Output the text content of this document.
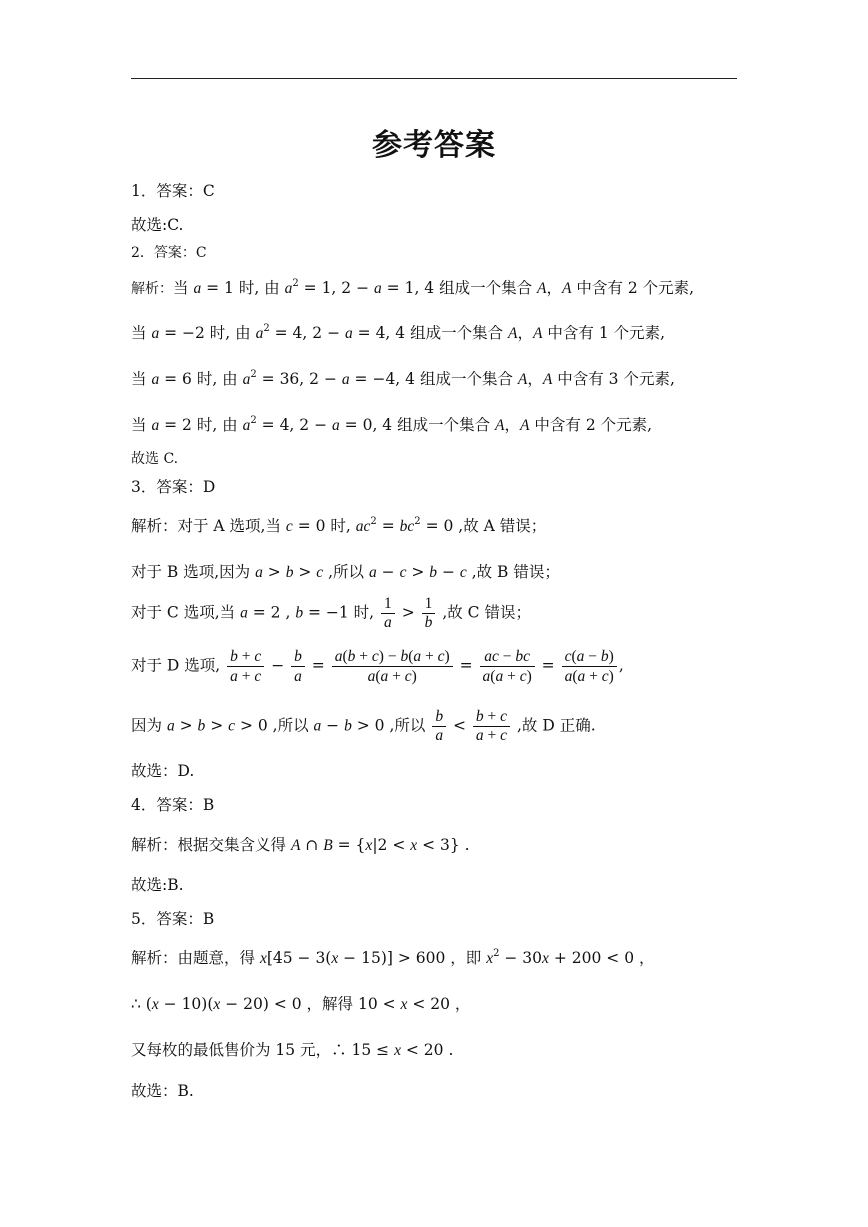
参考答案
1．答案：C
故选:C.
2．答案：C
解析：当 a = 1 时, 由 $a^2 = 1$, 2 − a = 1, 4 组成一个集合 A，A 中含有 2 个元素,
当 a = −2 时, 由 $a^2 = 4$, 2 − a = 4, 4 组成一个集合 A，A 中含有 1 个元素,
当 a = 6 时, 由 $a^2 = 36$, 2 − a = −4, 4 组成一个集合 A，A 中含有 3 个元素,
当 a = 2 时, 由 $a^2 = 4$, 2 − a = 0, 4 组成一个集合 A，A 中含有 2 个元素,
故选 C.
3．答案：D
解析：对于 A 选项,当 c = 0 时, $ac^2 = bc^2 = 0$ ,故 A 错误；
对于 B 选项,因为 a > b > c ,所以 a − c > b − c ,故 B 错误；
对于 C 选项,当 a = 2 , b = −1 时, $\frac{1}{a} > \frac{1}{b}$ ,故 C 错误；
对于 D 选项, $\frac{b + c}{a + c} - \frac{b}{a} = \frac{a(b + c) - b(a + c)}{a(a + c)} = \frac{ac - bc}{a(a + c)} = \frac{c(a - b)}{a(a + c)}$ ,
因为 a > b > c > 0 ,所以 a − b > 0 ,所以 $\frac{b}{a} < \frac{b + c}{a + c}$ ,故 D 正确.
故选：D.
4．答案：B
解析：根据交集含义得 A ∩ B = {x|2 < x < 3} .
故选:B.
5．答案：B
解析：由题意，得 x[45 − 3(x − 15)] > 600 ，即 $x^2 - 30x + 200 < 0$ ，
∴ (x − 10)(x − 20) < 0 ，解得 10 < x < 20 ，
又每枚的最低售价为 15 元，∴ 15 ≤ x < 20 .
故选：B.
